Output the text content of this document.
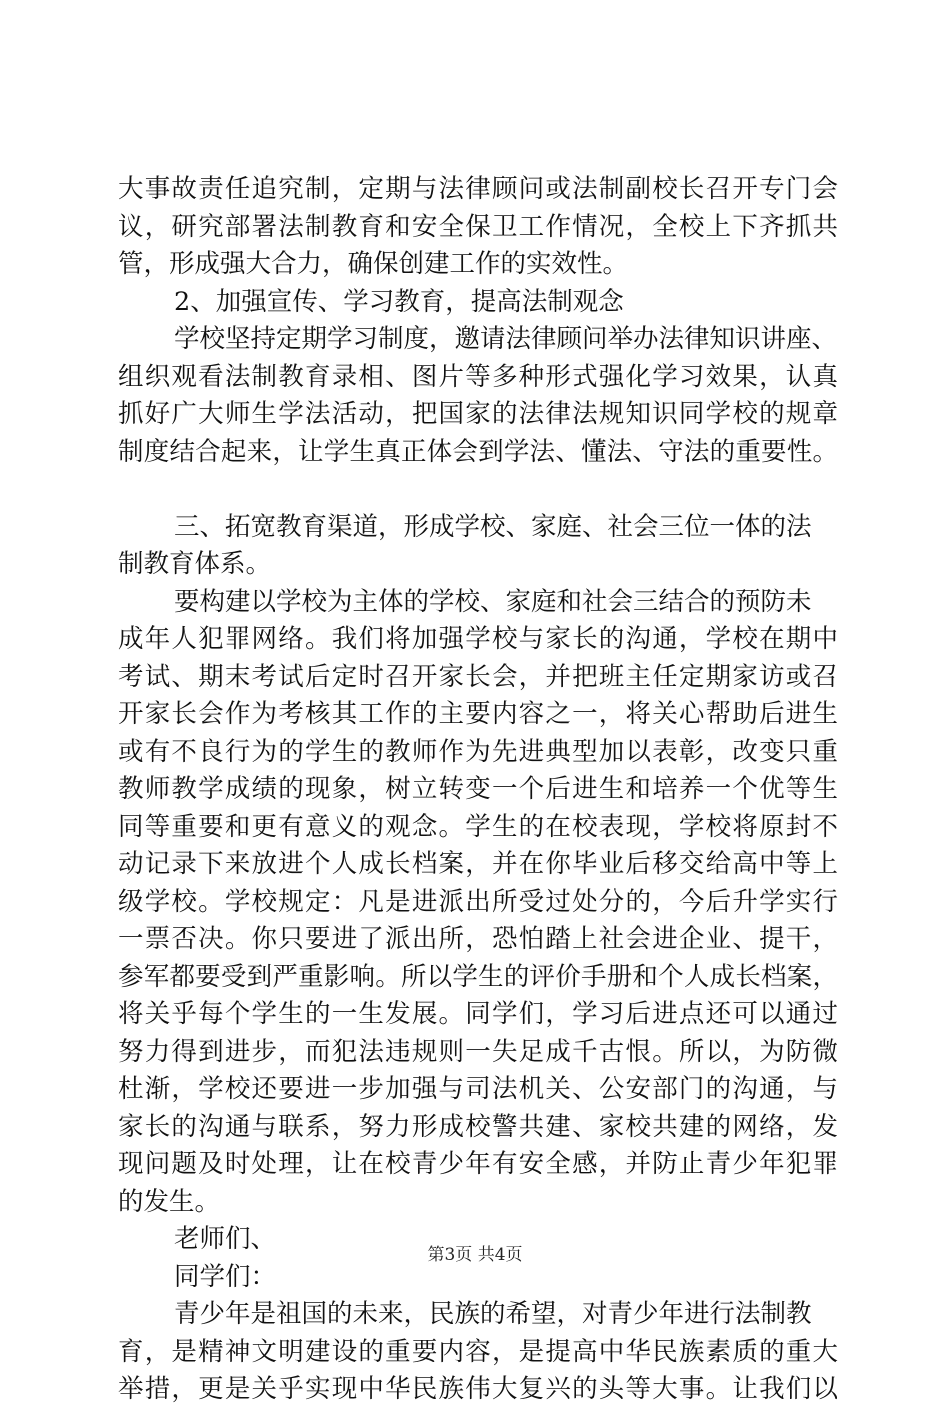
大事故责任追究制，定期与法律顾问或法制副校长召开专门会
议，研究部署法制教育和安全保卫工作情况，全校上下齐抓共
管，形成强大合力，确保创建工作的实效性。
2、加强宣传、学习教育，提高法制观念
学校坚持定期学习制度，邀请法律顾问举办法律知识讲座、
组织观看法制教育录相、图片等多种形式强化学习效果，认真
抓好广大师生学法活动，把国家的法律法规知识同学校的规章
制度结合起来，让学生真正体会到学法、懂法、守法的重要性。
三、拓宽教育渠道，形成学校、家庭、社会三位一体的法
制教育体系。
要构建以学校为主体的学校、家庭和社会三结合的预防未
成年人犯罪网络。我们将加强学校与家长的沟通，学校在期中
考试、期末考试后定时召开家长会，并把班主任定期家访或召
开家长会作为考核其工作的主要内容之一，将关心帮助后进生
或有不良行为的学生的教师作为先进典型加以表彰，改变只重
教师教学成绩的现象，树立转变一个后进生和培养一个优等生
同等重要和更有意义的观念。学生的在校表现，学校将原封不
动记录下来放进个人成长档案，并在你毕业后移交给高中等上
级学校。学校规定：凡是进派出所受过处分的，今后升学实行
一票否决。你只要进了派出所，恐怕踏上社会进企业、提干，
参军都要受到严重影响。所以学生的评价手册和个人成长档案，
将关乎每个学生的一生发展。同学们，学习后进点还可以通过
努力得到进步，而犯法违规则一失足成千古恨。所以，为防微
杜渐，学校还要进一步加强与司法机关、公安部门的沟通，与
家长的沟通与联系，努力形成校警共建、家校共建的网络，发
现问题及时处理，让在校青少年有安全感，并防止青少年犯罪
的发生。
老师们、
同学们：
青少年是祖国的未来，民族的希望，对青少年进行法制教
育，是精神文明建设的重要内容，是提高中华民族素质的重大
举措，更是关乎实现中华民族伟大复兴的头等大事。让我们以
第3页 共4页
